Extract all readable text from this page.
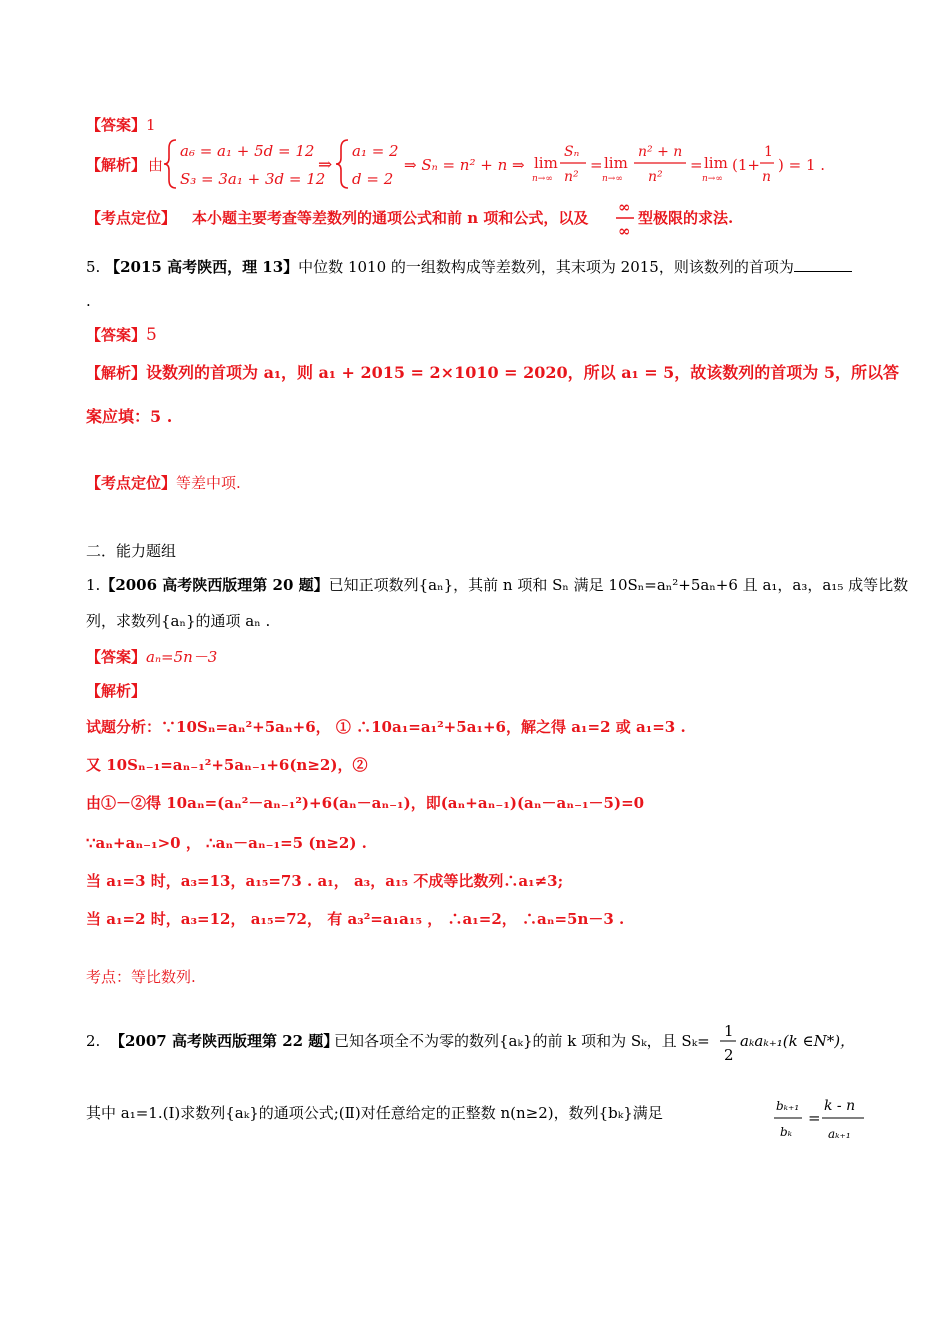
【答案】1
【解析】 由
a₆ = a₁ + 5d = 12
S₃ = 3a₁ + 3d = 12
⇒
a₁ = 2
d = 2
⇒ Sₙ = n² + n ⇒ lim
n→∞
Sₙ
n²
= lim
n→∞
n² + n
n²
= lim
n→∞
(1+
1
n
) = 1 .
【考点定位】 本小题主要考查等差数列的通项公式和前 n 项和公式，以及
∞
∞
型极限的求法.
5. 【2015 高考陕西，理 13】中位数 1010 的一组数构成等差数列，其末项为 2015，则该数列的首项为
.
【答案】5
【解析】设数列的首项为 a₁，则 a₁ + 2015 = 2×1010 = 2020，所以 a₁ = 5，故该数列的首项为 5，所以答
案应填：5 .
【考点定位】等差中项.
二．能力题组
1.【2006 高考陕西版理第 20 题】已知正项数列{aₙ}，其前 n 项和 Sₙ 满足 10Sₙ=aₙ²+5aₙ+6 且 a₁，a₃，a₁₅ 成等比数
列，求数列{aₙ}的通项 aₙ .
【答案】aₙ=5n－3
【解析】
试题分析：∵10Sₙ=aₙ²+5aₙ+6， ① ∴10a₁=a₁²+5a₁+6，解之得 a₁=2 或 a₁=3 .
又 10Sₙ₋₁=aₙ₋₁²+5aₙ₋₁+6(n≥2)，②
由①－②得 10aₙ=(aₙ²－aₙ₋₁²)+6(aₙ－aₙ₋₁)，即(aₙ+aₙ₋₁)(aₙ－aₙ₋₁－5)=0
∵aₙ+aₙ₋₁>0 ， ∴aₙ－aₙ₋₁=5 (n≥2) .
当 a₁=3 时，a₃=13，a₁₅=73 . a₁， a₃，a₁₅ 不成等比数列∴a₁≠3;
当 a₁=2 时，a₃=12， a₁₅=72， 有 a₃²=a₁a₁₅ ， ∴a₁=2， ∴aₙ=5n－3 .
考点：等比数列.
2. 【2007 高考陕西版理第 22 题】
已知各项全不为零的数列{aₖ}的前 k 项和为 Sₖ，且 Sₖ=
1
2
aₖaₖ₊₁(k ∈N*)，
其中 a₁=1.(Ⅰ)求数列{aₖ}的通项公式;(Ⅱ)对任意给定的正整数 n(n≥2)，数列{bₖ}满足	bₖ₊₁
bₖ
=
k - n
aₖ₊₁
